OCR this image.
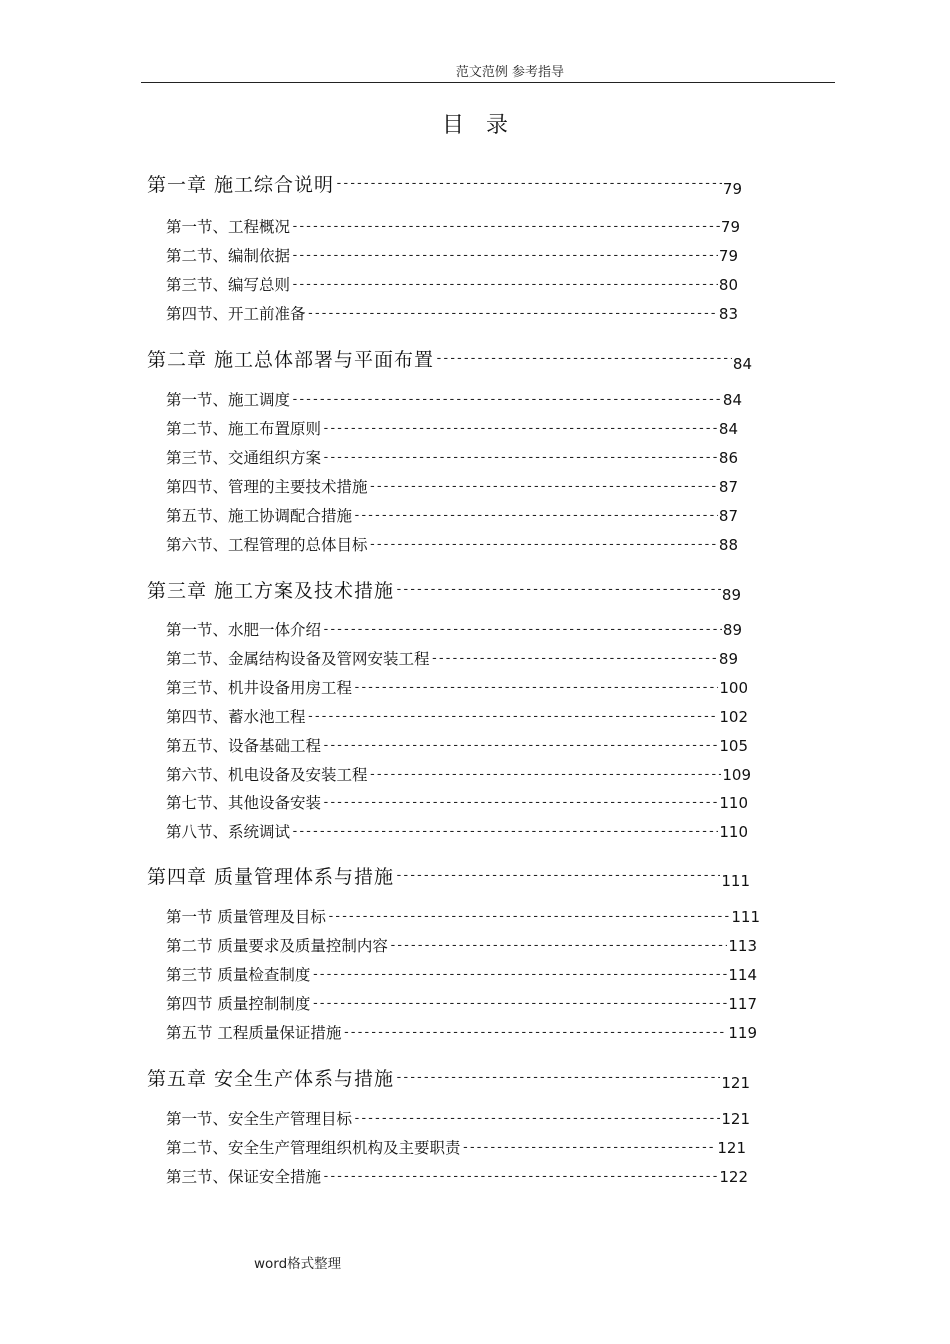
范文范例 参考指导
目录
第一章 施工综合说明 -----	79
第一节、工程概况 -----	79
第二节、编制依据 -----	79
第三节、编写总则 -----	80
第四节、开工前准备 -----	83
第二章 施工总体部署与平面布置 -----	84
第一节、施工调度 -----	84
第二节、施工布置原则 -----	84
第三节、交通组织方案 -----	86
第四节、管理的主要技术措施 -----	87
第五节、施工协调配合措施 -----	87
第六节、工程管理的总体目标 -----	88
第三章 施工方案及技术措施 -----	89
第一节、水肥一体介绍 -----	89
第二节、金属结构设备及管网安装工程 -----	89
第三节、机井设备用房工程 -----	100
第四节、蓄水池工程 -----	102
第五节、设备基础工程 -----	105
第六节、机电设备及安装工程 -----	109
第七节、其他设备安装 -----	110
第八节、系统调试 -----	110
第四章 质量管理体系与措施 -----	111
第一节 质量管理及目标 -----	111
第二节 质量要求及质量控制内容 -----	113
第三节 质量检查制度 -----	114
第四节 质量控制制度 -----	117
第五节 工程质量保证措施 -----	119
第五章 安全生产体系与措施 -----	121
第一节、安全生产管理目标 -----	121
第二节、安全生产管理组织机构及主要职责 -----	121
第三节、保证安全措施 -----	122
word格式整理
